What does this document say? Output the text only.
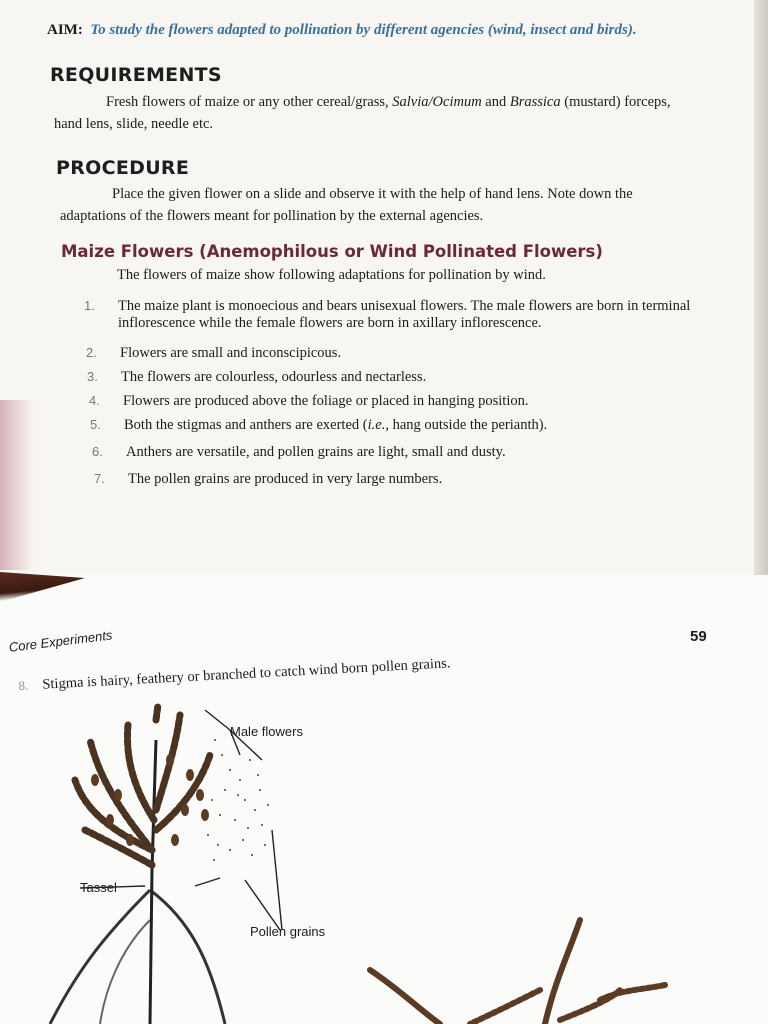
AIM: To study the flowers adapted to pollination by different agencies (wind, insect and birds).
REQUIREMENTS
Fresh flowers of maize or any other cereal/grass, Salvia/Ocimum and Brassica (mustard) forceps,
hand lens, slide, needle etc.
PROCEDURE
Place the given flower on a slide and observe it with the help of hand lens. Note down the
adaptations of the flowers meant for pollination by the external agencies.
Maize Flowers (Anemophilous or Wind Pollinated Flowers)
The flowers of maize show following adaptations for pollination by wind.
1.	The maize plant is monoecious and bears unisexual flowers. The male flowers are born in terminal
inflorescence while the female flowers are born in axillary inflorescence.
2.	Flowers are small and inconscipicous.
3.	The flowers are colourless, odourless and nectarless.
4.	Flowers are produced above the foliage or placed in hanging position.
5.	Both the stigmas and anthers are exerted (i.e., hang outside the perianth).
6.	Anthers are versatile, and pollen grains are light, small and dusty.
7.	The pollen grains are produced in very large numbers.
Core Experiments	59
8. Stigma is hairy, feathery or branched to catch wind born pollen grains.
Male flowers
Tassel
Pollen grains
